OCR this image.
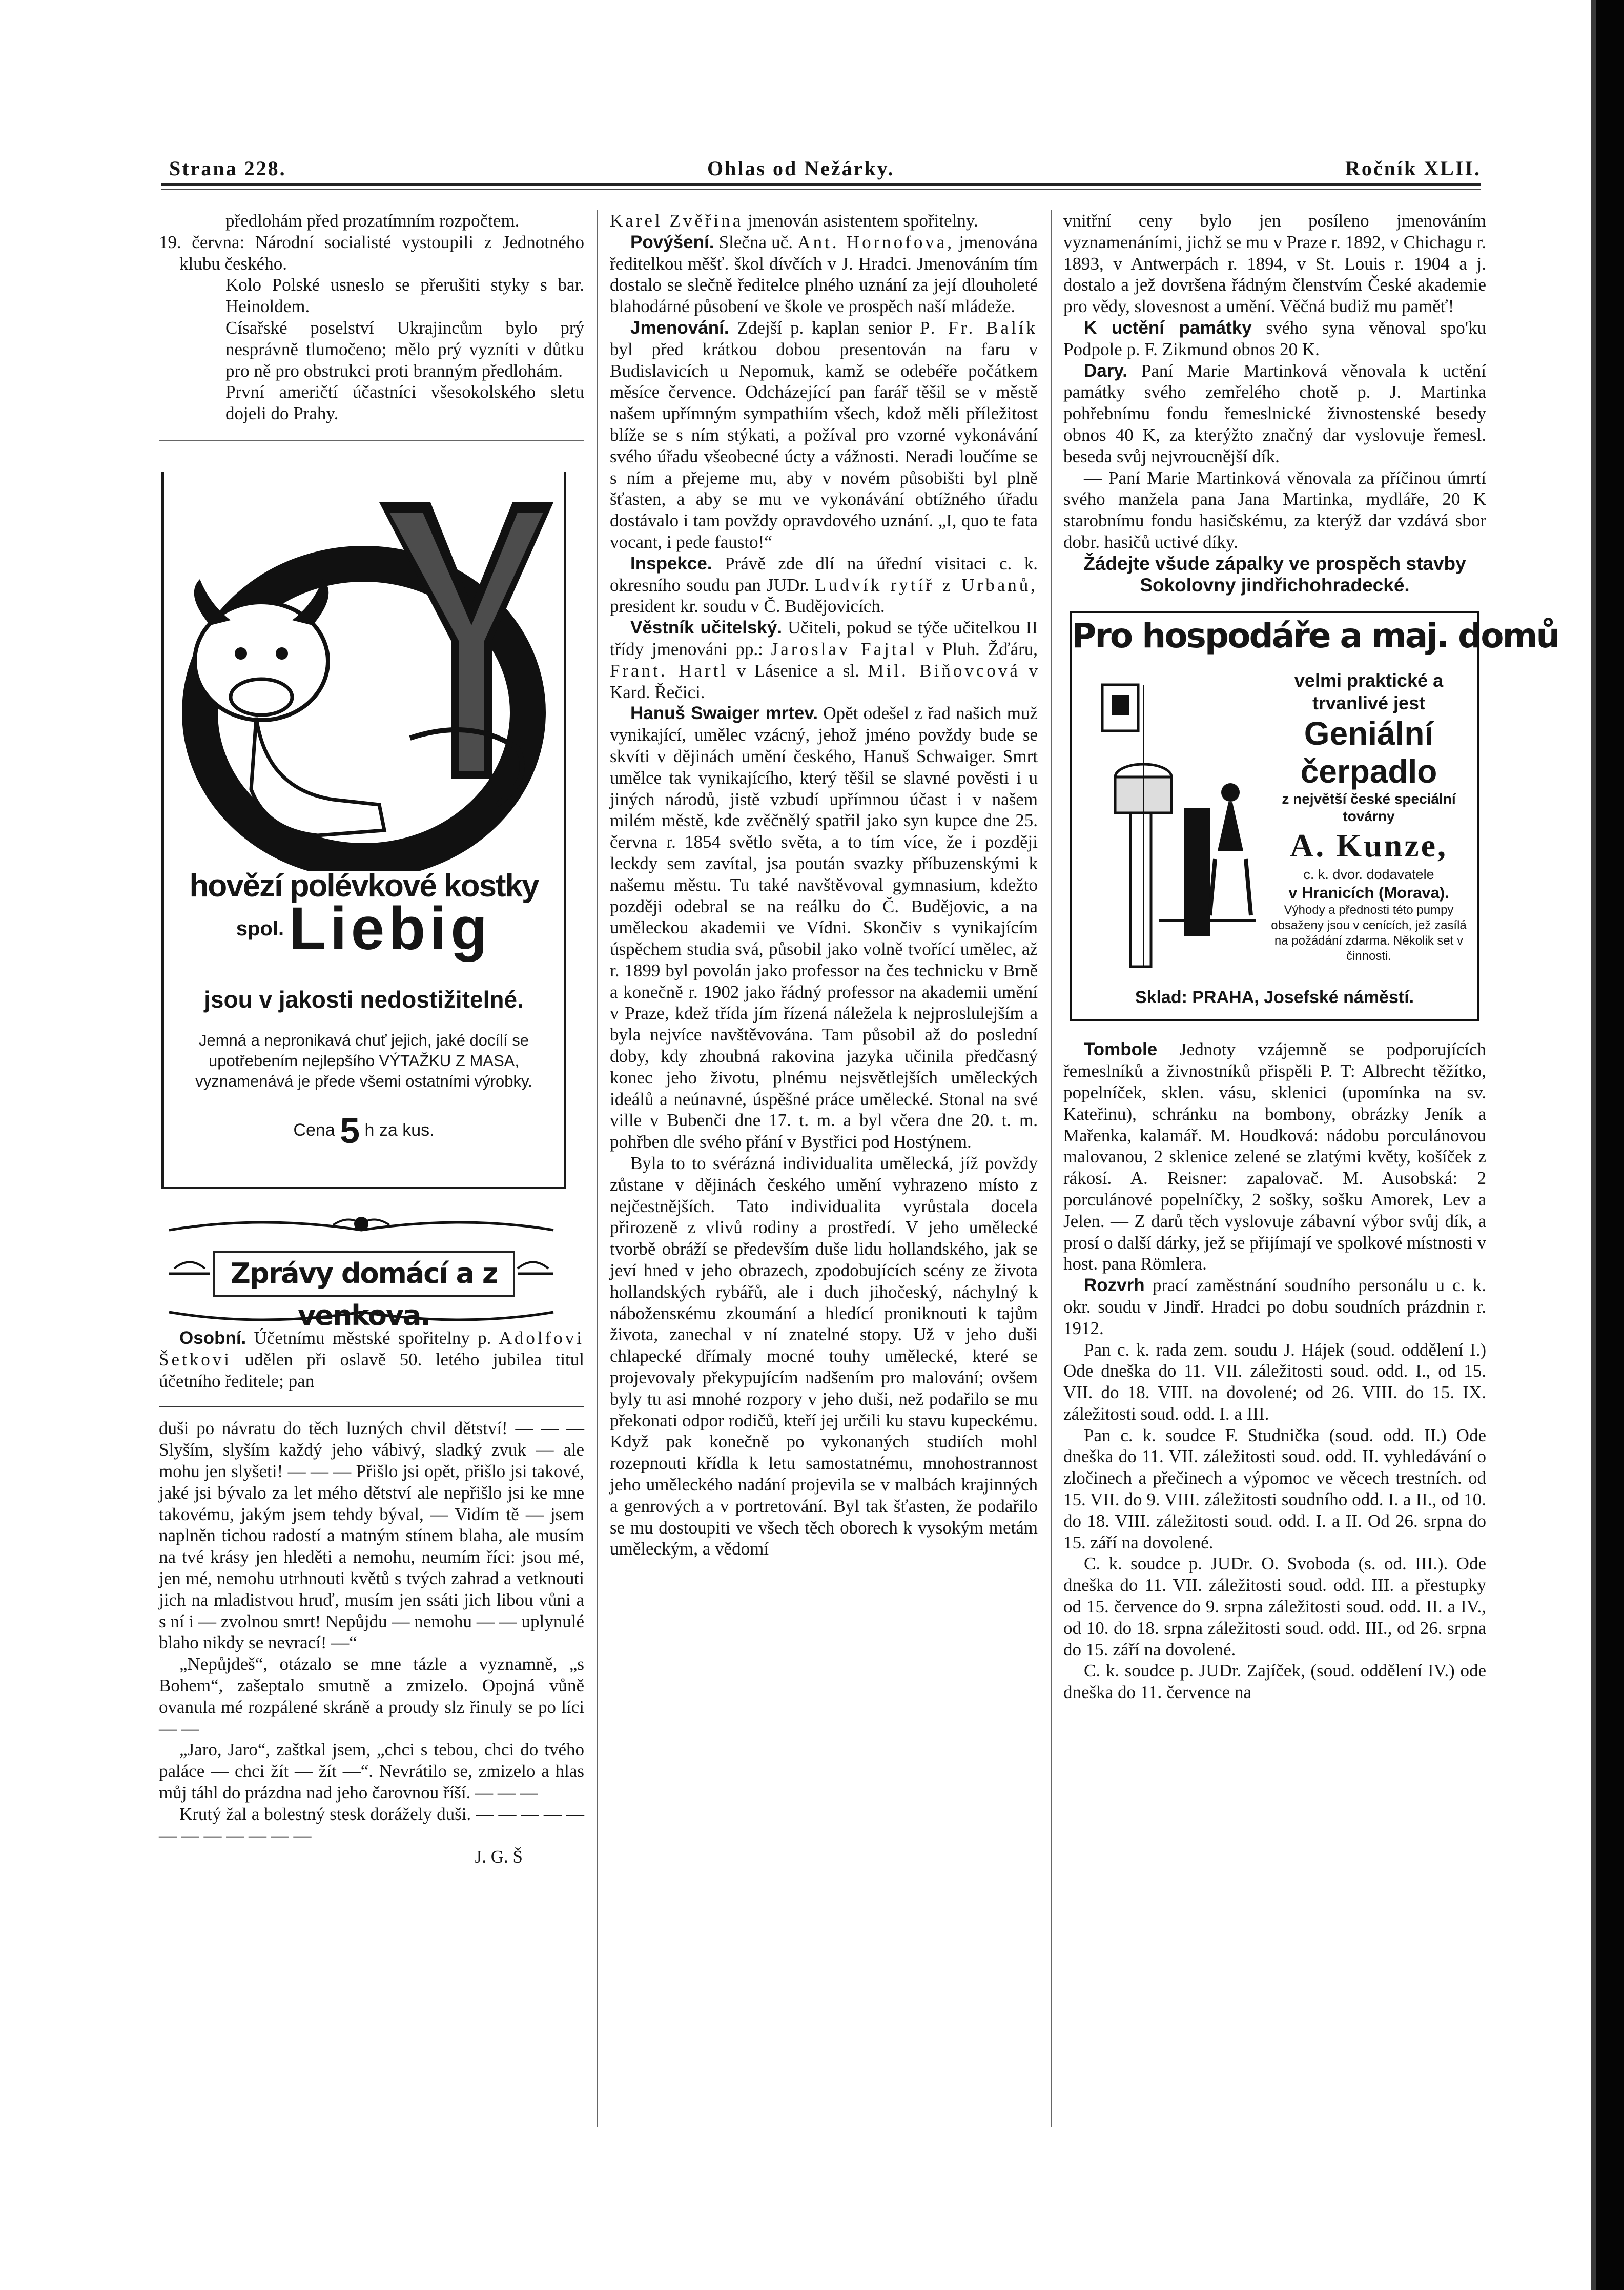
Strana 228.	Ohlas od Nežárky.	Ročník XLII.

předlohám před prozatímním rozpočtem.

19. června: Národní socialisté vystoupili z Jednotného klubu českého.

Kolo Polské usneslo se přerušiti styky s bar. Heinoldem.

Císařské poselství Ukrajincům bylo prý nesprávně tlumočeno; mělo prý vyzníti v důtku pro ně pro obstrukci proti branným předlohám.

První američtí účastníci všesokolského sletu dojeli do Prahy.

hovězí polévkové kostky
spol. Liebig
jsou v jakosti nedostižitelné.
Jemná a nepronikavá chuť jejich, jaké docílí se upotřebením nejlepšího VÝTAŽKU Z MASA, vyznamenává je přede všemi ostatními výrobky.
Cena 5 h za kus.
Zprávy domácí a z venkova.

Osobní. Účetnímu městské spořitelny p. Adolfovi Šetkovi udělen při oslavě 50. letého jubilea titul účetního ředitele; pan

duši po návratu do těch luzných chvil dětství! — — — Slyším, slyším každý jeho vábivý, sladký zvuk — ale mohu jen slyšeti! — — — Přišlo jsi opět, přišlo jsi takové, jaké jsi bývalo za let mého dětství ale nepřišlo jsi ke mne takovému, jakým jsem tehdy býval, — Vidím tě — jsem naplněn tichou radostí a matným stínem blaha, ale musím na tvé krásy jen hleděti a nemohu, neumím říci: jsou mé, jen mé, nemohu utrhnouti květů s tvých zahrad a vetknouti jich na mladistvou hruď, musím jen ssáti jich libou vůni a s ní i — zvolnou smrt! Nepůjdu — nemohu — — uplynulé blaho nikdy se nevrací! —“

„Nepůjdeš“, otázalo se mne tázle a vyznamně, „s Bohem“, zašeptalo smutně a zmizelo. Opojná vůně ovanula mé rozpálené skráně a proudy slz řinuly se po líci — —

„Jaro, Jaro“, zaštkal jsem, „chci s tebou, chci do tvého paláce — chci žít — žít —“. Nevrátilo se, zmizelo a hlas můj táhl do prázdna nad jeho čarovnou říší. — — —

Krutý žal a bolestný stesk dorážely duši. — — — — — — — — — — — —

J. G. Š

Karel Zvěřina jmenován asistentem spořitelny.

Povýšení. Slečna uč. Ant. Hornofova, jmenována ředitelkou měšť. škol dívčích v J. Hradci. Jmenováním tím dostalo se slečně ředitelce plného uznání za její dlouholeté blahodárné působení ve škole ve prospěch naší mládeže.

Jmenování. Zdejší p. kaplan senior P. Fr. Balík byl před krátkou dobou presentován na faru v Budislavicích u Nepomuk, kamž se odebéře počátkem měsíce července. Odcházející pan farář těšil se v městě našem upřímným sympathiím všech, kdož měli příležitost blíže se s ním stýkati, a požíval pro vzorné vykonávání svého úřadu všeobecné úcty a vážnosti. Neradi loučíme se s ním a přejeme mu, aby v novém působišti byl plně šťasten, a aby se mu ve vykonávání obtížného úřadu dostávalo i tam povždy opravdového uznání. „I, quo te fata vocant, i pede fausto!“

Inspekce. Právě zde dlí na úřední visitaci c. k. okresního soudu pan JUDr. Ludvík rytíř z Urbanů, president kr. soudu v Č. Budějovicích.

Věstník učitelský. Učiteli, pokud se týče učitelkou II třídy jmenováni pp.: Jaroslav Fajtal v Pluh. Žďáru, Frant. Hartl v Lásenice a sl. Mil. Biňovcová v Kard. Řečici.

Hanuš Swaiger mrtev. Opět odešel z řad našich muž vynikající, umělec vzácný, jehož jméno povždy bude se skvíti v dějinách umění českého, Hanuš Schwaiger. Smrt umělce tak vynikajícího, který těšil se slavné pověsti i u jiných národů, jistě vzbudí upřímnou účast i v našem milém městě, kde zvěčnělý spatřil jako syn kupce dne 25. června r. 1854 světlo světa, a to tím více, že i později leckdy sem zavítal, jsa poután svazky příbuzenskými k našemu městu. Tu také navštěvoval gymnasium, kdežto později odebral se na reálku do Č. Budějovic, a na uměleckou akademii ve Vídni. Skončiv s vynikajícím úspěchem studia svá, působil jako volně tvořící umělec, až r. 1899 byl povolán jako professor na čes technicku v Brně a konečně r. 1902 jako řádný professor na akademii umění v Praze, kdež třída jím řízená náležela k nejproslulejším a byla nejvíce navštěvována. Tam působil až do poslední doby, kdy zhoubná rakovina jazyka učinila předčasný konec jeho životu, plnému nejsvětlejších uměleckých ideálů a neúnavné, úspěšné práce umělecké. Stonal na své ville v Bubenči dne 17. t. m. a byl včera dne 20. t. m. pohřben dle svého přání v Bystřici pod Hostýnem.

Byla to to svérázná individualita umělecká, jíž povždy zůstane v dějinách českého umění vyhrazeno místo z nejčestnějších. Tato individualita vyrůstala docela přirozeně z vlivů rodiny a prostředí. V jeho umělecké tvorbě obráží se především duše lidu hollandského, jak se jeví hned v jeho obrazech, zpodobujících scény ze života hollandských rybářů, ale i duch jihočeský, náchylný k nábožensкému zkoumání a hledící proniknouti k tajům života, zanechal v ní znatelné stopy. Už v jeho duši chlapecké dřímaly mocné touhy umělecké, které se projevovaly překypujícím nadšením pro malování; ovšem byly tu asi mnohé rozpory v jeho duši, než podařilo se mu překonati odpor rodičů, kteří jej určili ku stavu kupeckému. Když pak konečně po vykonaných studiích mohl rozepnouti křídla k letu samostatnému, mnohostrannost jeho uměleckého nadání projevila se v malbách krajinných a genrových a v portretování. Byl tak šťasten, že podařilo se mu dostoupiti ve všech těch oborech k vysokým metám uměleckým, a vědomí

vnitřní ceny bylo jen posíleno jmenováním vyznamenáními, jichž se mu v Praze r. 1892, v Chichagu r. 1893, v Antwerpách r. 1894, v St. Louis r. 1904 a j. dostalo a jež dovršena řádným členstvím České akademie pro vědy, slovesnost a umění. Věčná budiž mu paměť!

K uctění památky svého syna věnoval spo'ku Podpole p. F. Zikmund obnos 20 K.

Dary. Paní Marie Martinková věnovala k uctění památky svého zemřelého chotě p. J. Martinka pohřebnímu fondu řemeslnické živnostenské besedy obnos 40 K, za kterýžto značný dar vyslovuje řemesl. beseda svůj nejvroucnější dík.

— Paní Marie Martinková věnovala za příčinou úmrtí svého manžela pana Jana Martinka, mydláře, 20 K starobnímu fondu hasičskému, za kterýž dar vzdává sbor dobr. hasičů uctivé díky.

Žádejte všude zápalky ve prospěch stavby Sokolovny jindřichohradecké.

Pro hospodáře a maj. domů
velmi praktické a trvanlivé jest
Geniální čerpadlo
z největší české speciální továrny
A. Kunze,
c. k. dvor. dodavatele
v Hranicích (Morava).
Výhody a přednosti této pumpy obsaženy jsou v cenících, jež zasílá na požádání zdarma. Několik set v činnosti.
Sklad: PRAHA, Josefské náměstí.

Tombole Jednoty vzájemně se podporujících řemeslníků a živnostníků přispěli P. T: Albrecht těžítko, popelníček, sklen. vásu, sklenici (upomínka na sv. Kateřinu), schránku na bombony, obrázky Jeník a Mařenka, kalamář. M. Houdková: nádobu porculánovou malovanou, 2 sklenice zelené se zlatými květy, košíček z rákosí. A. Reisner: zapalovač. M. Ausobská: 2 porculánové popelníčky, 2 sošky, sošku Amorek, Lev a Jelen. — Z darů těch vyslovuje zábavní výbor svůj dík, a prosí o další dárky, jež se přijímají ve spolkové místnosti v host. pana Römlera.

Rozvrh prací zaměstnání soudního personálu u c. k. okr. soudu v Jindř. Hradci po dobu soudních prázdnin r. 1912.

Pan c. k. rada zem. soudu J. Hájek (soud. oddělení I.) Ode dneška do 11. VII. záležitosti soud. odd. I., od 15. VII. do 18. VIII. na dovolené; od 26. VIII. do 15. IX. záležitosti soud. odd. I. a III.

Pan c. k. soudce F. Studnička (soud. odd. II.) Ode dneška do 11. VII. záležitosti soud. odd. II. vyhledávání o zločinech a přečinech a výpomoc ve věcech trestních. od 15. VII. do 9. VIII. záležitosti soudního odd. I. a II., od 10. do 18. VIII. záležitosti soud. odd. I. a II. Od 26. srpna do 15. září na dovolené.

C. k. soudce p. JUDr. O. Svoboda (s. od. III.). Ode dneška do 11. VII. záležitosti soud. odd. III. a přestupky od 15. července do 9. srpna záležitosti soud. odd. II. a IV., od 10. do 18. srpna záležitosti soud. odd. III., od 26. srpna do 15. září na dovolené.

C. k. soudce p. JUDr. Zajíček, (soud. oddělení IV.) ode dneška do 11. července na
